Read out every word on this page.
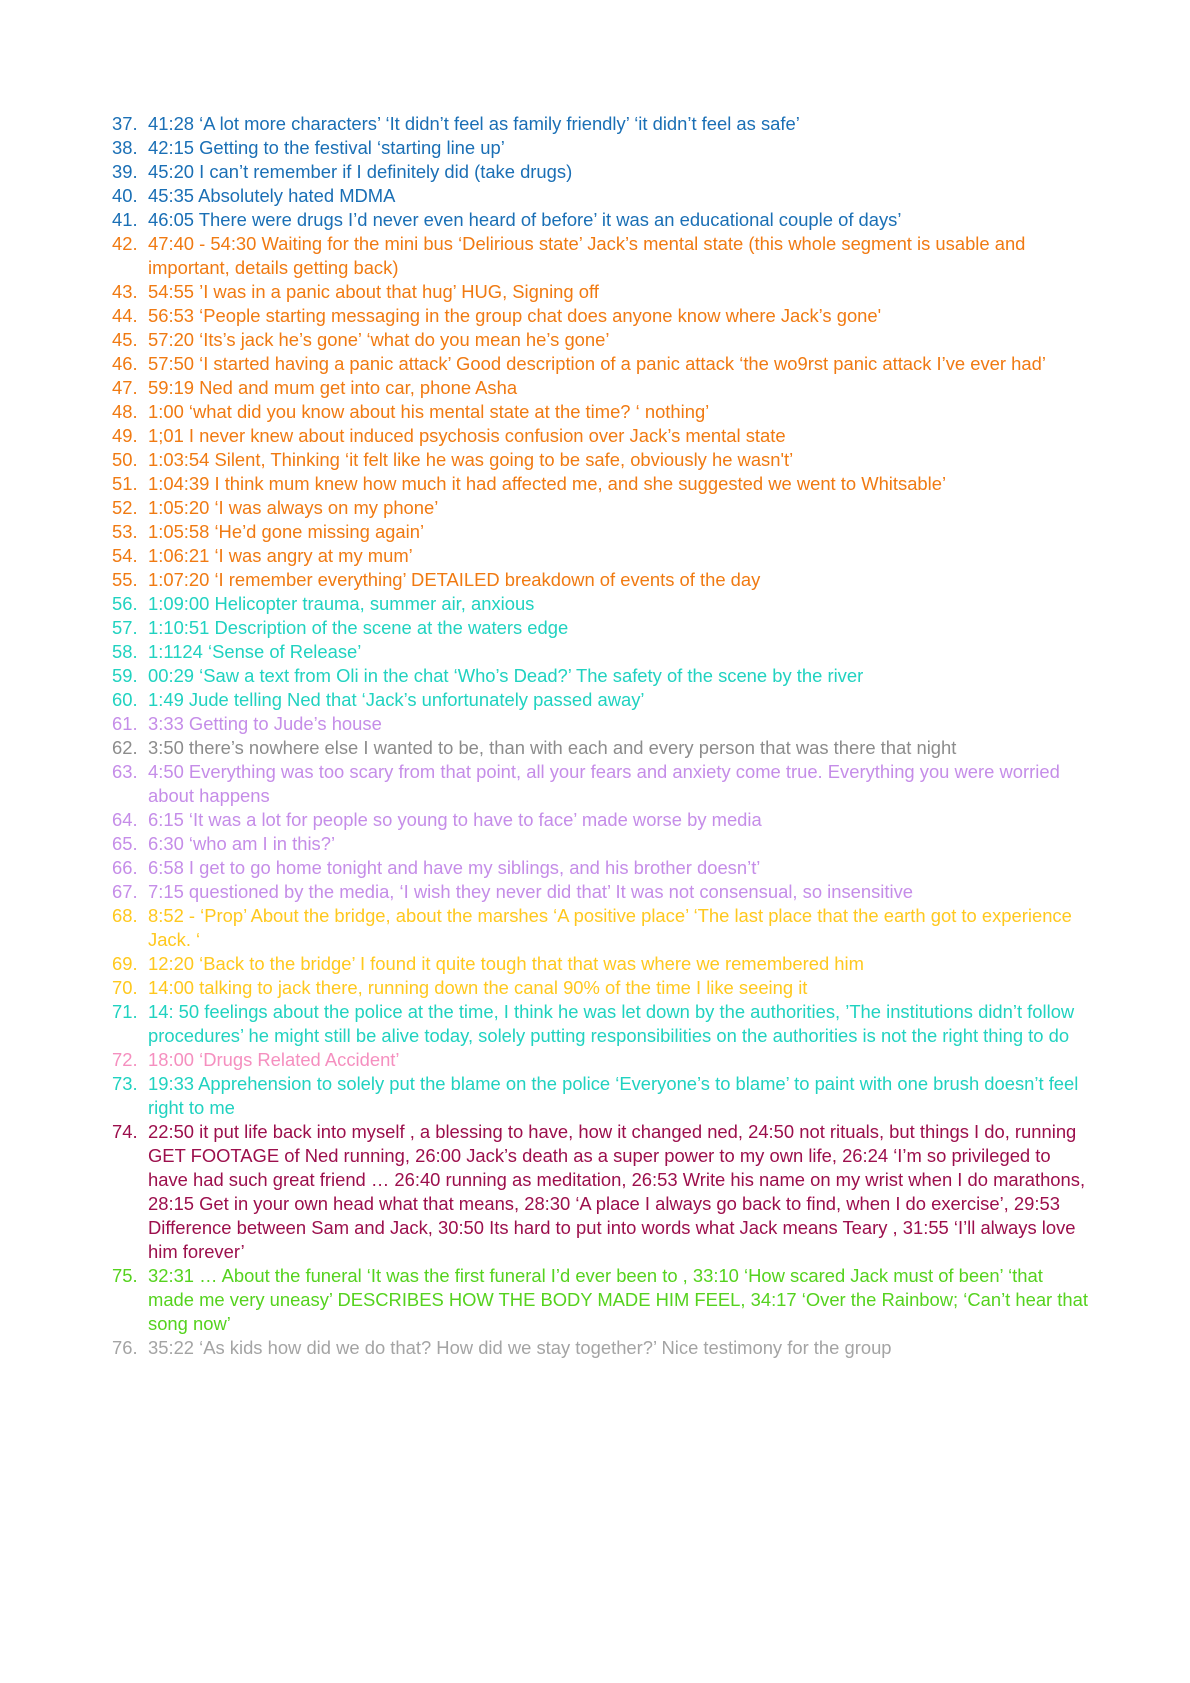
37. 41:28 ‘A lot more characters’ ‘It didn’t feel as family friendly’ ‘it didn’t feel as safe’
38. 42:15 Getting to the festival ‘starting line up’
39. 45:20 I can’t remember if I definitely did (take drugs)
40. 45:35 Absolutely hated MDMA
41. 46:05 There were drugs I’d never even heard of before’ it was an educational couple of days’
42. 47:40 - 54:30 Waiting for the mini bus ‘Delirious state’ Jack’s mental state (this whole segment is usable and important, details getting back)
43. 54:55 ’I was in a panic about that hug’ HUG, Signing off
44. 56:53 ‘People starting messaging in the group chat does anyone know where Jack’s gone'
45. 57:20 ‘Its’s jack he’s gone’ ‘what do you mean he’s gone’
46. 57:50 ‘I started having a panic attack’ Good description of a panic attack ‘the wo9rst panic attack I’ve ever had’
47. 59:19 Ned and mum get into car, phone Asha
48. 1:00 ‘what did you know about his mental state at the time? ‘ nothing’
49. 1;01 I never knew about induced psychosis confusion over Jack’s mental state
50. 1:03:54 Silent, Thinking ‘it felt like he was going to be safe, obviously he wasn't’
51. 1:04:39 I think mum knew how much it had affected me, and she suggested we went to Whitsable’
52. 1:05:20 ‘I was always on my phone’
53. 1:05:58 ‘He’d gone missing again’
54. 1:06:21 ‘I was angry at my mum’
55. 1:07:20 ‘I remember everything’ DETAILED breakdown of events of the day
56. 1:09:00 Helicopter trauma, summer air, anxious
57. 1:10:51 Description of the scene at the waters edge
58. 1:1124 ‘Sense of Release’
59. 00:29 ‘Saw a text from Oli in the chat ‘Who’s Dead?’ The safety of the scene by the river
60. 1:49 Jude telling Ned that ‘Jack’s unfortunately passed away’
61. 3:33 Getting to Jude’s house
62. 3:50 there’s nowhere else I wanted to be, than with each and every person that was there that night
63. 4:50 Everything was too scary from that point, all your fears and anxiety come true. Everything you were worried about happens
64. 6:15 ‘It was a lot for people so young to have to face’ made worse by media
65. 6:30 ‘who am I in this?’
66. 6:58 I get to go home tonight and have my siblings, and his brother doesn’t’
67. 7:15 questioned by the media, ‘I wish they never did that’ It was not consensual, so insensitive
68. 8:52 - ‘Prop’ About the bridge, about the marshes ‘A positive place’ ‘The last place that the earth got to experience Jack. ‘
69. 12:20 ‘Back to the bridge’ I found it quite tough that that was where we remembered him
70. 14:00 talking to jack there, running down the canal 90% of the time I like seeing it
71. 14: 50 feelings about the police at the time, I think he was let down by the authorities, ’The institutions didn’t follow procedures’ he might still be alive today, solely putting responsibilities on the authorities is not the right thing to do
72. 18:00 ‘Drugs Related Accident’
73. 19:33 Apprehension to solely put the blame on the police ‘Everyone’s to blame’ to paint with one brush doesn’t feel right to me
74. 22:50 it put life back into myself , a blessing to have, how it changed ned, 24:50 not rituals, but things I do, running GET FOOTAGE of Ned running, 26:00 Jack’s death as a super power to my own life, 26:24 ‘I’m so privileged to have had such great friend … 26:40 running as meditation, 26:53 Write his name on my wrist when I do marathons, 28:15 Get in your own head what that means, 28:30 ‘A place I always go back to find, when I do exercise’, 29:53 Difference between Sam and Jack, 30:50 Its hard to put into words what Jack means Teary , 31:55 ‘I’ll always love him forever’
75. 32:31 … About the funeral ‘It was the first funeral I’d ever been to , 33:10 ‘How scared Jack must of been’ ‘that made me very uneasy’ DESCRIBES HOW THE BODY MADE HIM FEEL, 34:17 ‘Over the Rainbow; ‘Can’t hear that song now’
76. 35:22 ‘As kids how did we do that? How did we stay together?’ Nice testimony for the group
